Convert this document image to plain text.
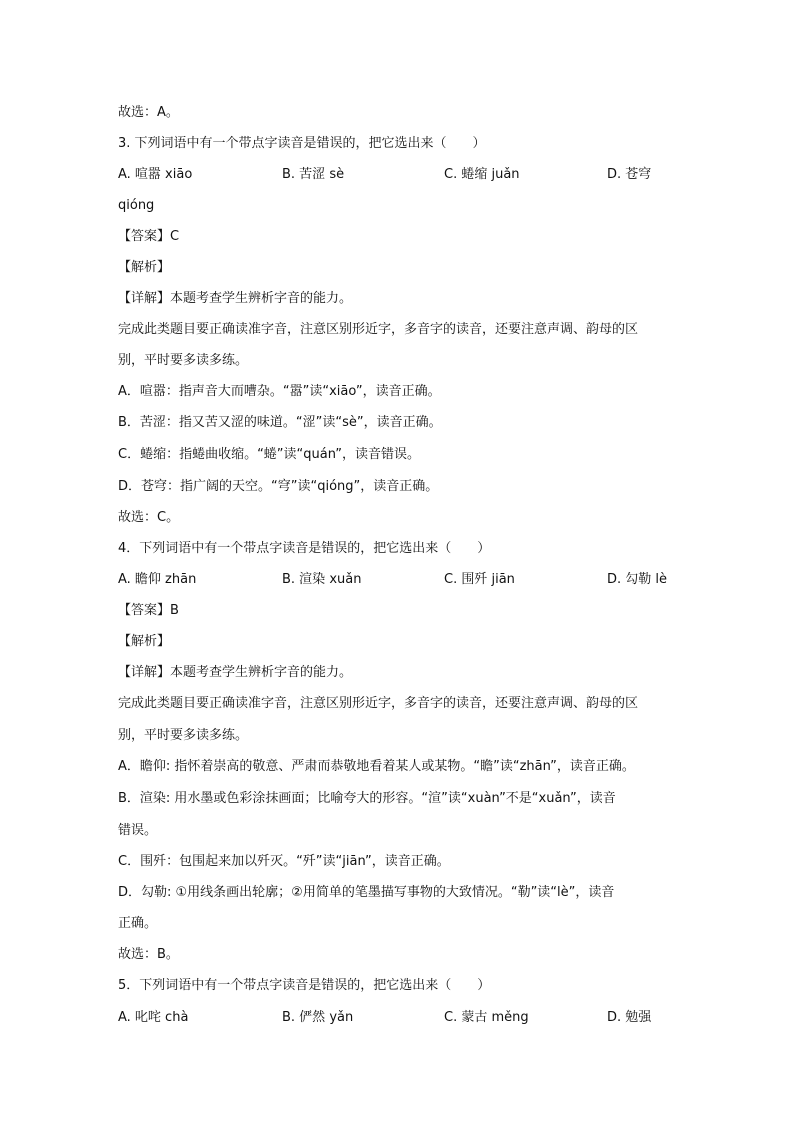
故选：A。
3. 下列词语中有一个带点字读音是错误的，把它选出来（　　）
A. 喧嚣 xiāo	B. 苦涩 sè	C. 蜷缩 juǎn	D. 苍穹
qióng
【答案】C
【解析】
【详解】本题考查学生辨析字音的能力。
完成此类题目要正确读准字音，注意区别形近字，多音字的读音，还要注意声调、韵母的区
别，平时要多读多练。
A．喧嚣：指声音大而嘈杂。“嚣”读“xiāo”，读音正确。
B．苦涩：指又苦又涩的味道。“涩”读“sè”，读音正确。
C．蜷缩：指蜷曲收缩。“蜷”读“quán”，读音错误。
D．苍穹：指广阔的天空。“穹”读“qióng”，读音正确。
故选：C。
4．下列词语中有一个带点字读音是错误的，把它选出来（　　）
A. 瞻仰 zhān	B. 渲染 xuǎn	C. 围歼 jiān	D. 勾勒 lè
【答案】B
【解析】
【详解】本题考查学生辨析字音的能力。
完成此类题目要正确读准字音，注意区别形近字，多音字的读音，还要注意声调、韵母的区
别，平时要多读多练。
A．瞻仰: 指怀着崇高的敬意、严肃而恭敬地看着某人或某物。“瞻”读“zhān”，读音正确。
B．渲染: 用水墨或色彩涂抹画面；比喻夸大的形容。“渲”读“xuàn”不是“xuǎn”，读音
错误。
C．围歼：包围起来加以歼灭。“歼”读“jiān”，读音正确。
D．勾勒: ①用线条画出轮廓；②用简单的笔墨描写事物的大致情况。“勒”读“lè”，读音
正确。
故选：B。
5．下列词语中有一个带点字读音是错误的，把它选出来（　　）
A. 叱咤 chà	B. 俨然 yǎn	C. 蒙古 měng	D. 勉强
